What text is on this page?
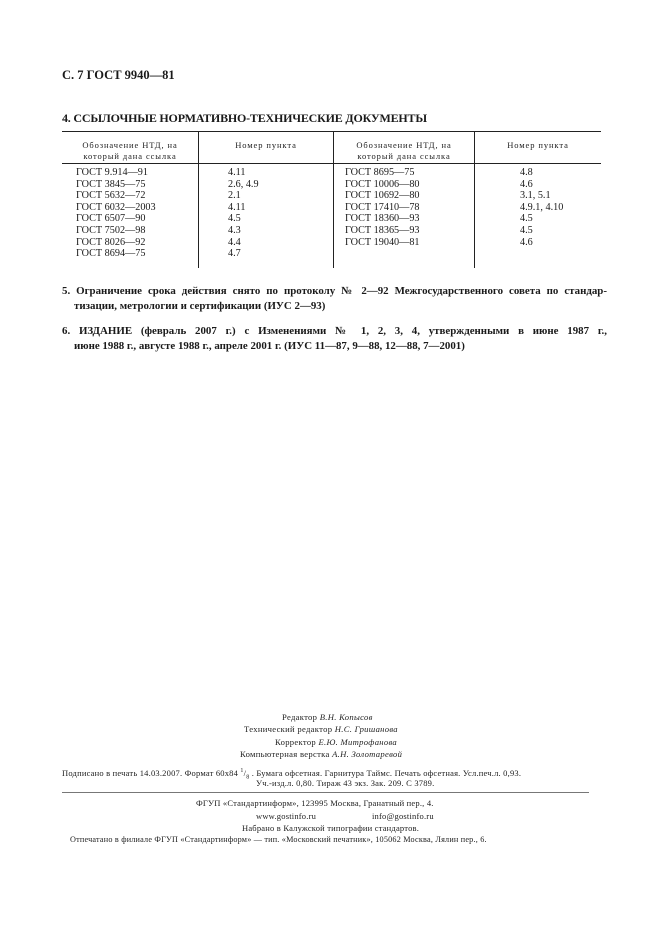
С. 7 ГОСТ 9940—81
4. ССЫЛОЧНЫЕ НОРМАТИВНО-ТЕХНИЧЕСКИЕ ДОКУМЕНТЫ
Обозначение НТД, на
который дана ссылка
Номер пункта	Обозначение НТД, на
который дана ссылка
Номер пункта
ГОСТ 9.914—91
ГОСТ 3845—75
ГОСТ 5632—72
ГОСТ 6032—2003
ГОСТ 6507—90
ГОСТ 7502—98
ГОСТ 8026—92
ГОСТ 8694—75
4.11
2.6, 4.9
2.1
4.11
4.5
4.3
4.4
4.7
ГОСТ 8695—75
ГОСТ 10006—80
ГОСТ 10692—80
ГОСТ 17410—78
ГОСТ 18360—93
ГОСТ 18365—93
ГОСТ 19040—81
4.8
4.6
3.1, 5.1
4.9.1, 4.10
4.5
4.5
4.6
5. Ограничение срока действия снято по протоколу № 2—92 Межгосударственного совета по стандар-
тизации, метрологии и сертификации (ИУС 2—93)
6. ИЗДАНИЕ (февраль 2007 г.) с Изменениями № 1, 2, 3, 4, утвержденными в июне 1987 г.,
июне 1988 г., августе 1988 г., апреле 2001 г. (ИУС 11—87, 9—88, 12—88, 7—2001)
Редактор В.Н. Копысов
Технический редактор Н.С. Гришанова
Корректор Е.Ю. Митрофанова
Компьютерная верстка А.Н. Золотаревой
Подписано в печать 14.03.2007. Формат 60x84 $^1/_8$ . Бумага офсетная. Гарнитура Таймс. Печать офсетная. Усл.печ.л. 0,93.
Уч.-изд.л. 0,80. Тираж 43 экз. Зак. 209. С 3789.
ФГУП «Стандартинформ», 123995 Москва, Гранатный пер., 4.
www.gostinfo.ru	info@gostinfo.ru
Набрано в Калужской типографии стандартов.
Отпечатано в филиале ФГУП «Стандартинформ» — тип. «Московский печатник», 105062 Москва, Лялин пер., 6.
